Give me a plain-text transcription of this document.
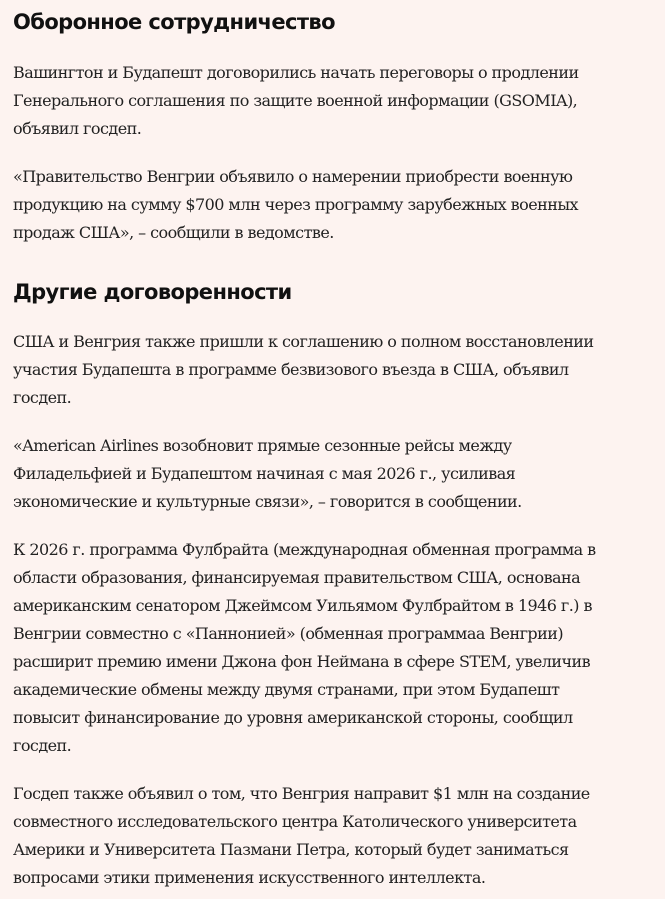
Оборонное сотрудничество

Вашингтон и Будапешт договорились начать переговоры о продлении
Генерального соглашения по защите военной информации (GSOMIA),
объявил госдеп.

«Правительство Венгрии объявило о намерении приобрести военную
продукцию на сумму $700 млн через программу зарубежных военных
продаж США», – сообщили в ведомстве.

Другие договоренности

США и Венгрия также пришли к соглашению о полном восстановлении
участия Будапешта в программе безвизового въезда в США, объявил
госдеп.

«American Airlines возобновит прямые сезонные рейсы между
Филадельфией и Будапештом начиная с мая 2026 г., усиливая
экономические и культурные связи», – говорится в сообщении.

К 2026 г. программа Фулбрайта (международная обменная программа в
области образования, финансируемая правительством США, основана
американским сенатором Джеймсом Уильямом Фулбрайтом в 1946 г.) в
Венгрии совместно с «Паннонией» (обменная программаа Венгрии)
расширит премию имени Джона фон Неймана в сфере STEM, увеличив
академические обмены между двумя странами, при этом Будапешт
повысит финансирование до уровня американской стороны, сообщил
госдеп.

Госдеп также объявил о том, что Венгрия направит $1 млн на создание
совместного исследовательского центра Католического университета
Америки и Университета Пазмани Петра, который будет заниматься
вопросами этики применения искусственного интеллекта.
